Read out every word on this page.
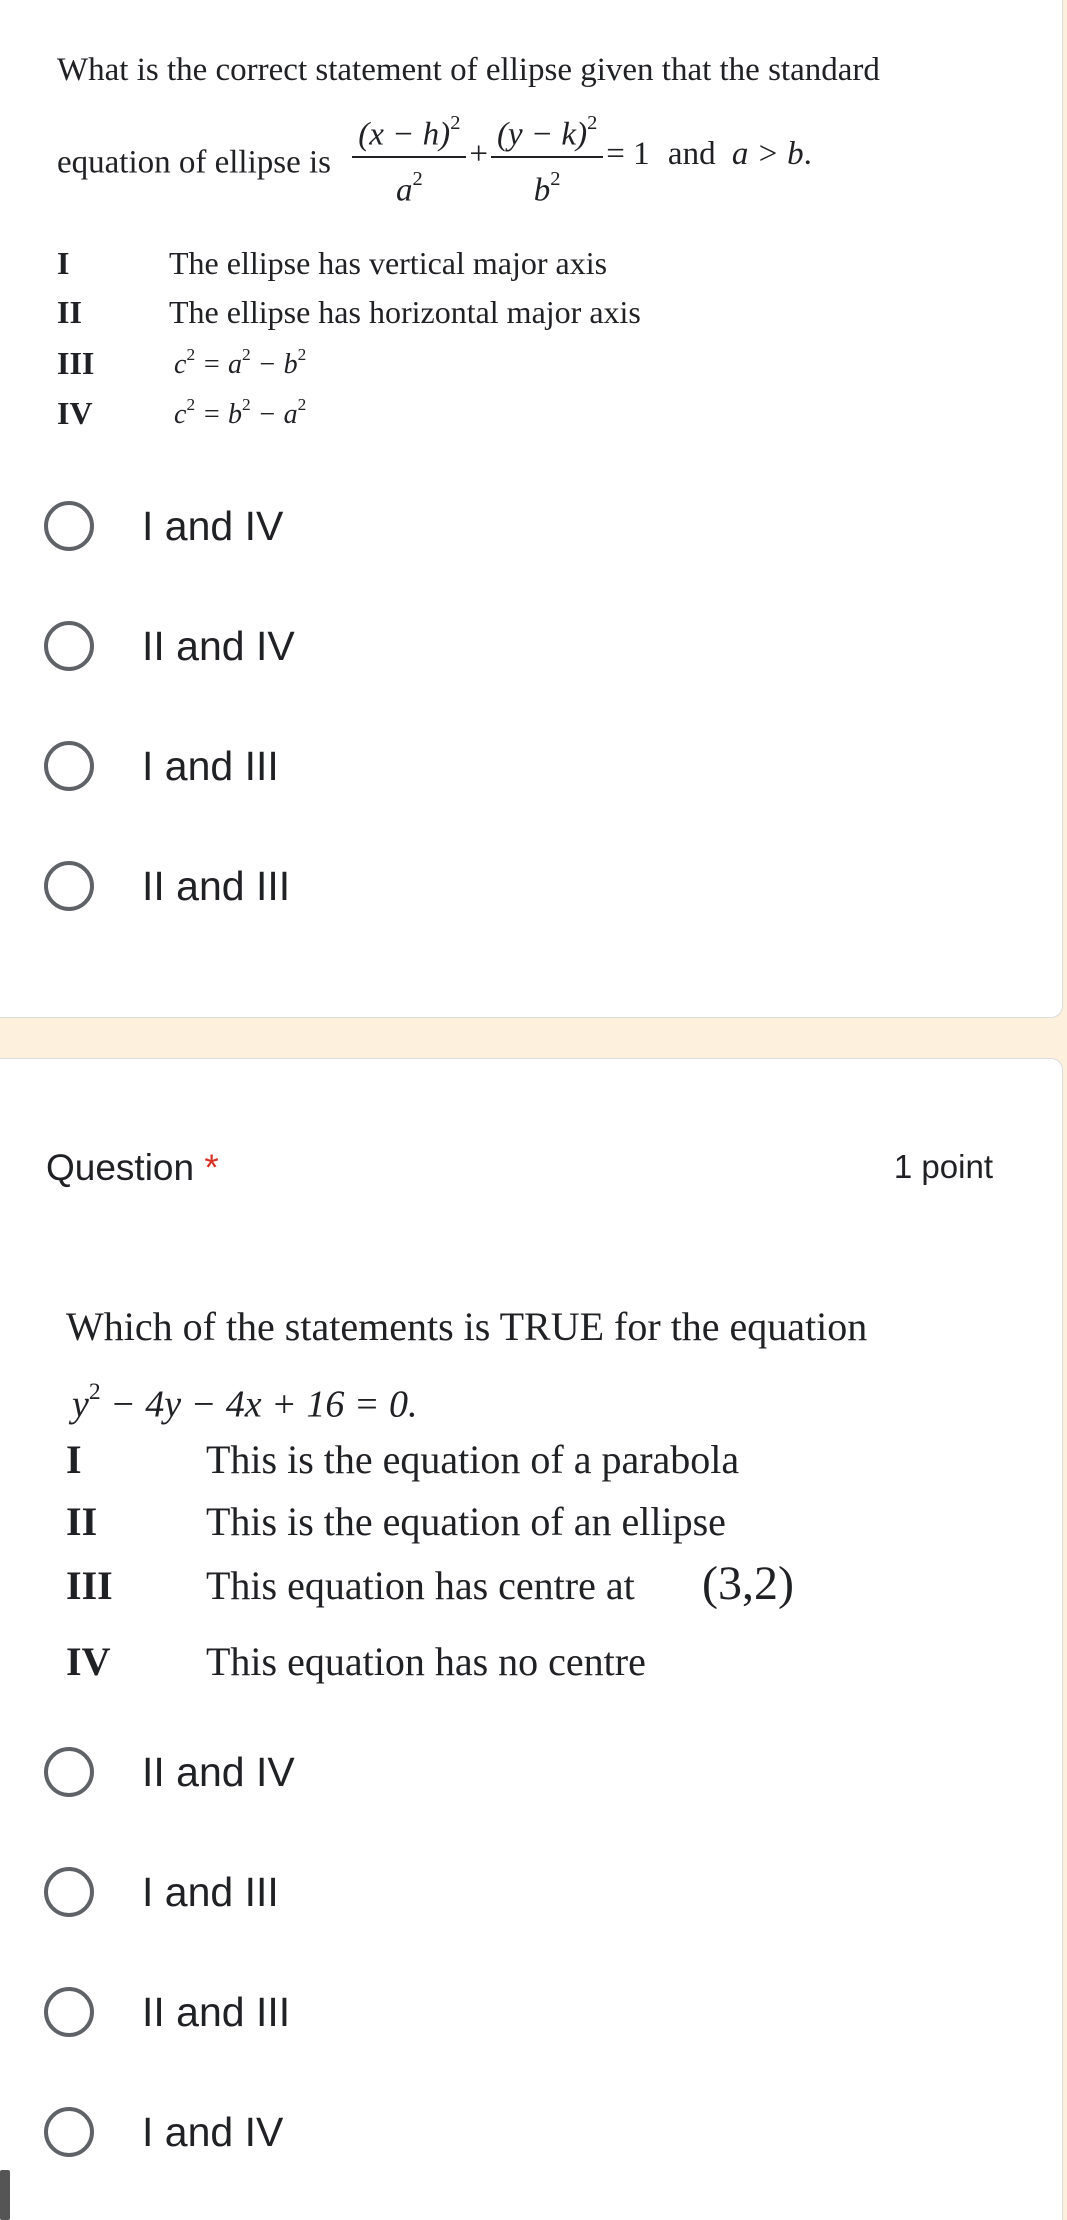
What is the correct statement of ellipse given that the standard
equation of ellipse is $\frac{(x - h)^2}{a^2} + \frac{(y - k)^2}{b^2} = 1$ and a > b.
I	The ellipse has vertical major axis
II	The ellipse has horizontal major axis
III	$c^2 = a^2 - b^2$
IV	$c^2 = b^2 - a^2$
I and IV
II and IV
I and III
II and III
Question *	1 point
Which of the statements is TRUE for the equation
$y^2 - 4y - 4x + 16 = 0$.
I	This is the equation of a parabola
II	This is the equation of an ellipse
III This equation has centre at (3,2)
IV This equation has no centre
II and IV
I and III
II and III
I and IV
